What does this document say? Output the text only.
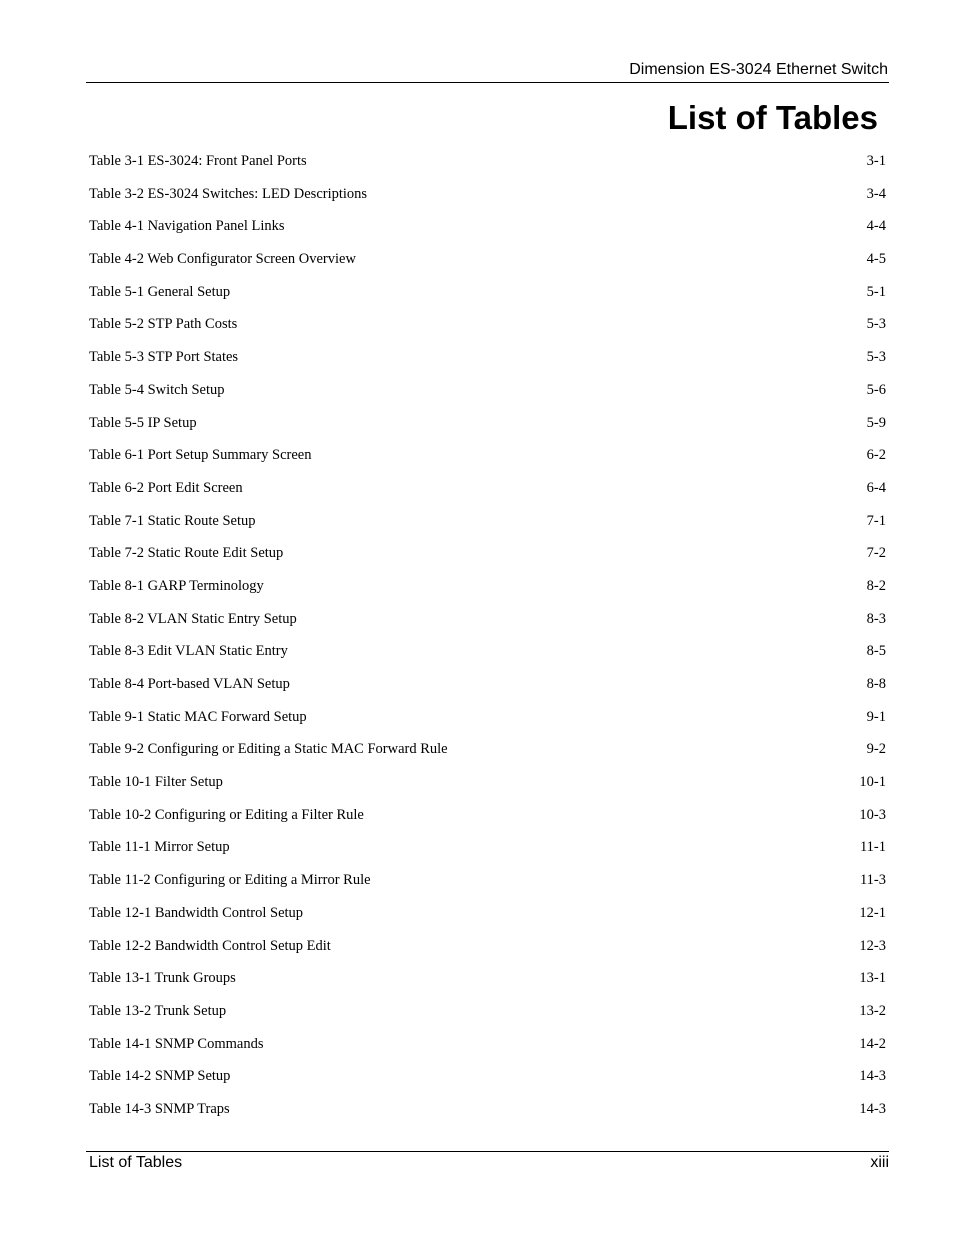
Dimension ES-3024 Ethernet Switch
List of Tables
Table 3-1 ES-3024: Front Panel Ports .....	3-1
Table 3-2 ES-3024 Switches: LED Descriptions .....	3-4
Table 4-1 Navigation Panel Links .....	4-4
Table 4-2 Web Configurator Screen Overview .....	4-5
Table 5-1 General Setup .....	5-1
Table 5-2 STP Path Costs .....	5-3
Table 5-3 STP Port States .....	5-3
Table 5-4 Switch Setup .....	5-6
Table 5-5 IP Setup .....	5-9
Table 6-1 Port Setup Summary Screen .....	6-2
Table 6-2 Port Edit Screen .....	6-4
Table 7-1 Static Route Setup .....	7-1
Table 7-2 Static Route Edit Setup .....	7-2
Table 8-1 GARP Terminology .....	8-2
Table 8-2 VLAN Static Entry Setup .....	8-3
Table 8-3 Edit VLAN Static Entry .....	8-5
Table 8-4 Port-based VLAN Setup .....	8-8
Table 9-1 Static MAC Forward Setup .....	9-1
Table 9-2 Configuring or Editing a Static MAC Forward Rule .....	9-2
Table 10-1 Filter Setup .....	10-1
Table 10-2 Configuring or Editing a Filter Rule .....	10-3
Table 11-1 Mirror Setup .....	11-1
Table 11-2 Configuring or Editing a Mirror Rule .....	11-3
Table 12-1 Bandwidth Control Setup .....	12-1
Table 12-2 Bandwidth Control Setup Edit .....	12-3
Table 13-1 Trunk Groups .....	13-1
Table 13-2 Trunk Setup .....	13-2
Table 14-1 SNMP Commands .....	14-2
Table 14-2 SNMP Setup .....	14-3
Table 14-3 SNMP Traps .....	14-3
List of Tables	xiii
